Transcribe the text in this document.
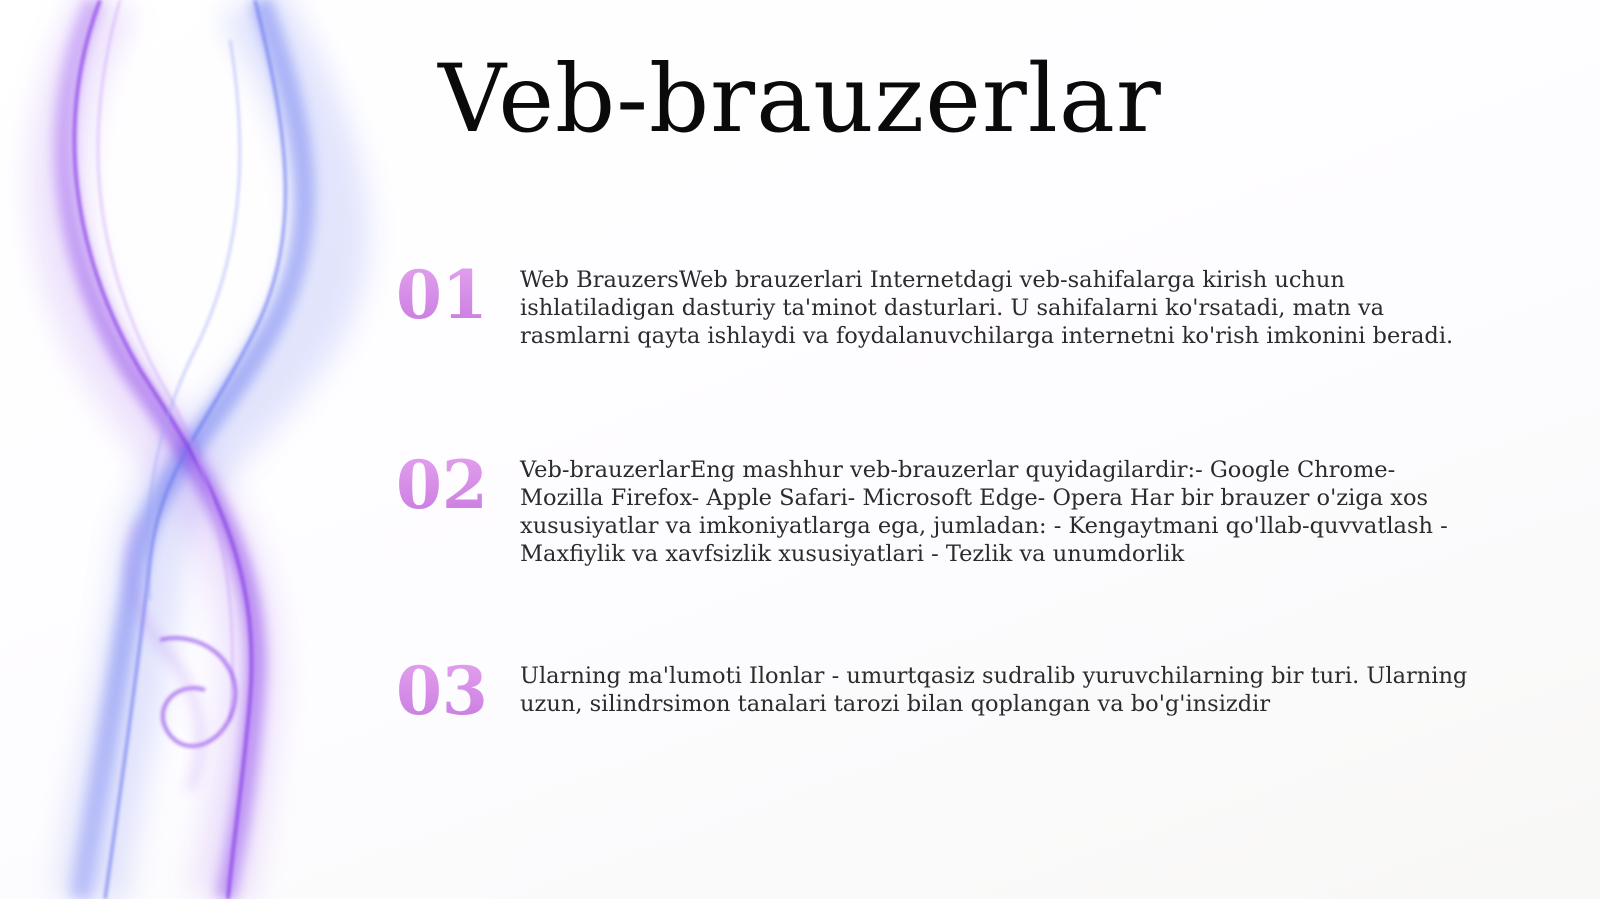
Veb-brauzerlar
01	Web BrauzersWeb brauzerlari Internetdagi veb-sahifalarga kirish uchun ishlatiladigan dasturiy ta'minot dasturlari. U sahifalarni ko'rsatadi, matn va rasmlarni qayta ishlaydi va foydalanuvchilarga internetni ko'rish imkonini beradi.
02	Veb-brauzerlarEng mashhur veb-brauzerlar quyidagilardir:- Google Chrome- Mozilla Firefox- Apple Safari- Microsoft Edge- Opera Har bir brauzer o'ziga xos xususiyatlar va imkoniyatlarga ega, jumladan: - Kengaytmani qo'llab-quvvatlash - Maxfiylik va xavfsizlik xususiyatlari - Tezlik va unumdorlik
03	Ularning ma'lumoti Ilonlar - umurtqasiz sudralib yuruvchilarning bir turi. Ularning uzun, silindrsimon tanalari tarozi bilan qoplangan va bo'g'insizdir
